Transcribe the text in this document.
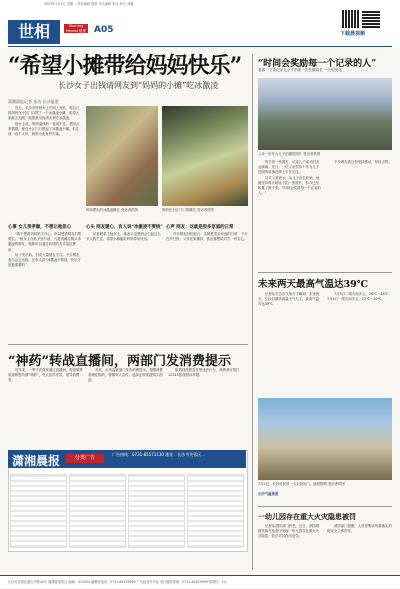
2023年7月3日 星期一 责任编辑 陈婷 美术编辑 张洁 校对 刘鑫
世相	Morning Herald 晨报 A05	下载晨视频
“希望小摊带给妈妈快乐”
长沙女子出钱请网友到“妈妈的小摊”吃冰激凌
潇湘晨报记者 张洁 长沙报道

近日，长沙市民杨女士在网上发帖，称自己的妈妈在小区门口摆了一个冰激凌小摊，希望大家能去光顾，她愿意出钱请大家吃冰激凌。

杨女士说，妈妈退休后一直闲不住，想找点事情做，便在小区门口摆起了冰激凌小摊。但生意一直不太好，妈妈为此有些失落。

妈妈摆出的冰激凌摊位 受访者供图	妈妈在小区门口的摊位 受访者供图
心事 女儿很孝顺，不想让她担心	心头 网友暖心，有人说“冰激凌不要钱”

“我不想看到妈妈不开心，所以想请网友们帮帮忙。”杨女士在帖子里写道，凡是到摊位购买冰激凌的网友，她都可以通过转账的方式返还费用。

帖子发出后，引来大量网友关注。不少网友表示会去光顾，还有人说“冰激凌不要钱，快乐才是最重要的”。

记者联系上杨女士，她表示没想到会引起这么多人的关注，希望小摊能给妈妈带来快乐。

心声 网友：这就是很多家庭的日常

许多网友纷纷留言：这就是很多家庭的日常，子女在外打拼，父母在家操持，彼此都想给对方一份安心。

“时间会奖励每一个记录的人”
看着一父亲记录儿子十岁领一天长期成长 一天的变化
父亲一年年为儿子拍摄的照片 受访者供图

每天拍一张照片，记录儿子成长的点点滴滴。近日，一位父亲坚持十年为儿子拍照的故事在网上引发关注。

这位父亲表示，从儿子出生开始，他就坚持每天给孩子拍一张照片，如今已经积累了数千张。“时间会奖励每一个记录的人。”

不少网友被这份坚持感动，纷纷点赞。

未来两天最高气温达39℃

记者从长沙市气象台了解到，未来两天，长沙以晴热高温天气为主，最高气温可达39℃。

7月3日：晴天间多云，26℃～38℃；7月4日：晴天间多云，27℃～39℃。

7月2日，长沙市民冒一大太阳出门，遮阳防晒 受访者供图
长沙气温预报
“神药”转战直播间，两部门发消费提示

近年来，一些不法商家通过直播间、短视频等渠道销售所谓“神药”，夸大宣传疗效，误导消费者。

对此，市场监管部门发布消费提示，提醒消费者理性购药，警惕夸大宣传，选择正规渠道购买药品。

如遇到虚假宣传等违法行为，消费者可拨打12315热线投诉举报。

一幼儿园存在重大火灾隐患被罚

记者从消防部门获悉，近日，消防救援机构在检查中发现一幼儿园存在重大火灾隐患，依法对其作出处罚。

消防部门提醒，人员密集场所要落实消防安全主体责任。

潇湘晨报	分类广告
广告热线：0731-85571130 地址：长沙市芙蓉区...
长沙市芙蓉区韶山中路40号 湘潭客报报社 邮编：410004 编辑部电话：0731-84329999 广告经营许可证 发行服务热线：0731-84329999 零售价：1元
